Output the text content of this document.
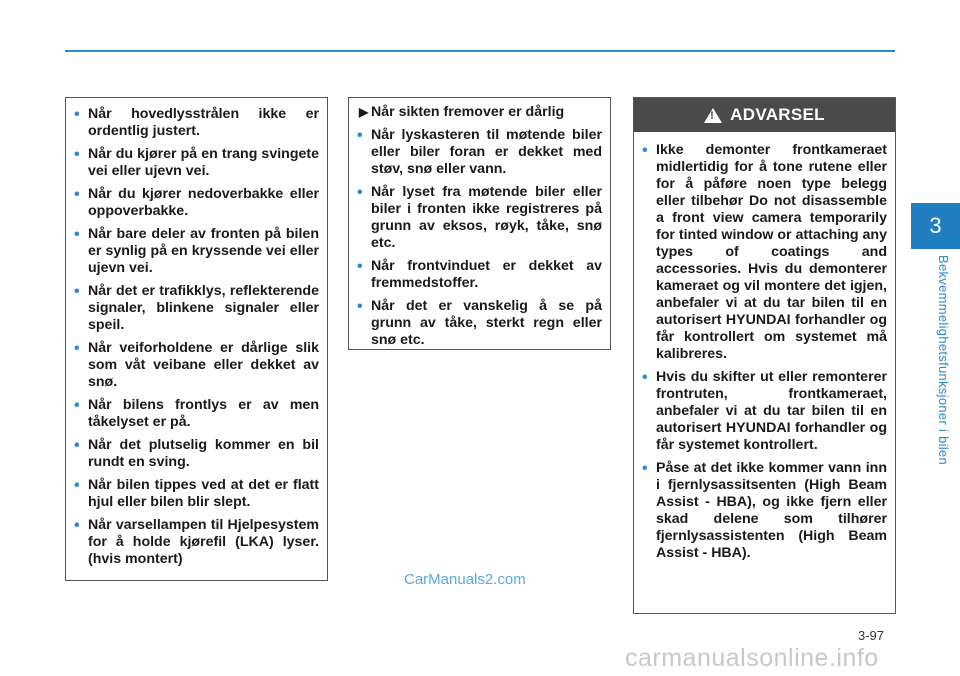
3
Bekvemmelighetsfunksjoner i bilen
• Når hovedlysstrålen ikke er ordentlig justert.
• Når du kjører på en trang svingete vei eller ujevn vei.
• Når du kjører nedoverbakke eller oppoverbakke.
• Når bare deler av fronten på bilen er synlig på en kryssende vei eller ujevn vei.
• Når det er trafikklys, reflekterende signaler, blinkene signaler eller speil.
• Når veiforholdene er dårlige slik som våt veibane eller dekket av snø.
• Når bilens frontlys er av men tåkelyset er på.
• Når det plutselig kommer en bil rundt en sving.
• Når bilen tippes ved at det er flatt hjul eller bilen blir slept.
• Når varsellampen til Hjelpesystem for å holde kjørefil (LKA) lyser. (hvis montert)
▶ Når sikten fremover er dårlig
• Når lyskasteren til møtende biler eller biler foran er dekket med støv, snø eller vann.
• Når lyset fra møtende biler eller biler i fronten ikke registreres på grunn av eksos, røyk, tåke, snø etc.
• Når frontvinduet er dekket av fremmedstoffer.
• Når det er vanskelig å se på grunn av tåke, sterkt regn eller snø etc.
!
ADVARSEL
• Ikke demonter frontkameraet midlertidig for å tone rutene eller for å påføre noen type belegg eller tilbehør Do not disassemble a front view camera temporarily for tinted window or attaching any types of coatings and accessories. Hvis du demonterer kameraet og vil montere det igjen, anbefaler vi at du tar bilen til en autorisert HYUNDAI forhandler og får kontrollert om systemet må kalibreres.
• Hvis du skifter ut eller remonterer frontruten, frontkameraet, anbefaler vi at du tar bilen til en autorisert HYUNDAI forhandler og får systemet kontrollert.
• Påse at det ikke kommer vann inn i fjernlysassitsenten (High Beam Assist - HBA), og ikke fjern eller skad delene som tilhører fjernlysassistenten (High Beam Assist - HBA).
CarManuals2.com
3-97
carmanualsonline.info
